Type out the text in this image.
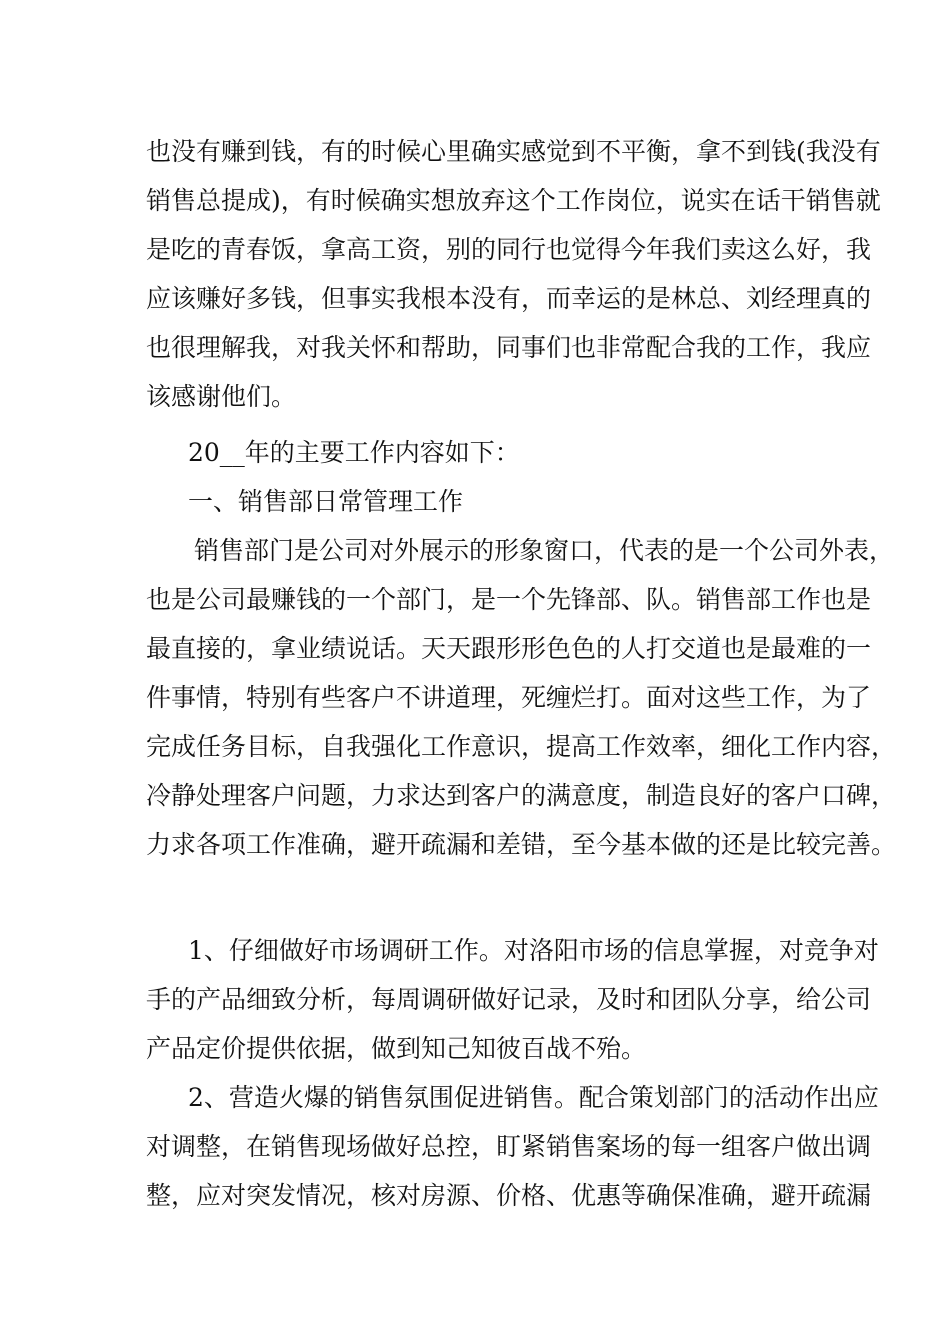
也没有赚到钱，有的时候心里确实感觉到不平衡，拿不到钱(我没有
销售总提成)，有时候确实想放弃这个工作岗位，说实在话干销售就
是吃的青春饭，拿高工资，别的同行也觉得今年我们卖这么好，我
应该赚好多钱，但事实我根本没有，而幸运的是林总、刘经理真的
也很理解我，对我关怀和帮助，同事们也非常配合我的工作，我应
该感谢他们。
20__年的主要工作内容如下：
一、销售部日常管理工作
销售部门是公司对外展示的形象窗口，代表的是一个公司外表，
也是公司最赚钱的一个部门，是一个先锋部、队。销售部工作也是
最直接的，拿业绩说话。天天跟形形色色的人打交道也是最难的一
件事情，特别有些客户不讲道理，死缠烂打。面对这些工作，为了
完成任务目标，自我强化工作意识，提高工作效率，细化工作内容，
冷静处理客户问题，力求达到客户的满意度，制造良好的客户口碑，
力求各项工作准确，避开疏漏和差错，至今基本做的还是比较完善。
1、仔细做好市场调研工作。对洛阳市场的信息掌握，对竞争对
手的产品细致分析，每周调研做好记录，及时和团队分享，给公司
产品定价提供依据，做到知己知彼百战不殆。
2、营造火爆的销售氛围促进销售。配合策划部门的活动作出应
对调整，在销售现场做好总控，盯紧销售案场的每一组客户做出调
整，应对突发情况，核对房源、价格、优惠等确保准确，避开疏漏
